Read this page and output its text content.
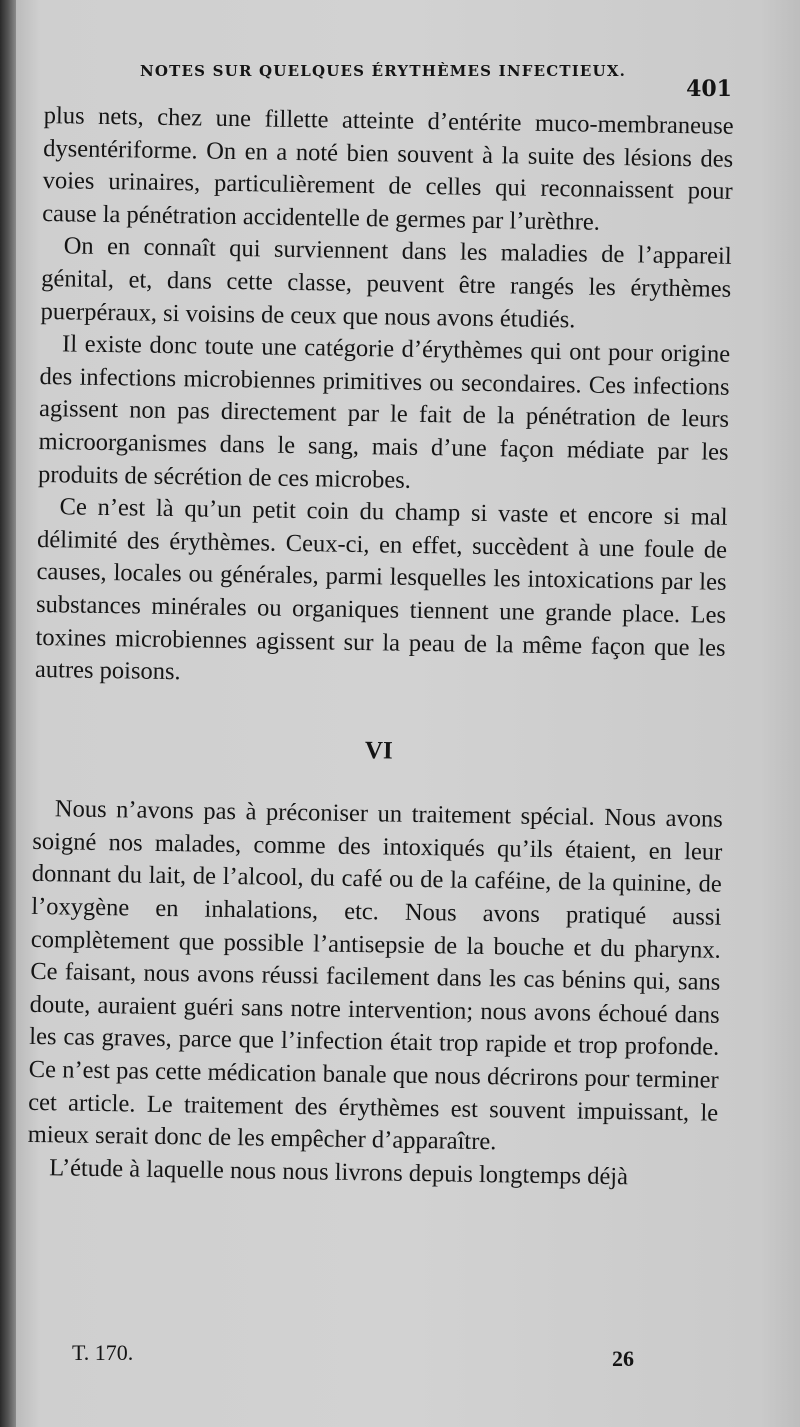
NOTES SUR QUELQUES ÉRYTHÈMES INFECTIEUX.
401

plus nets, chez une fillette atteinte d’entérite muco-membraneuse dysentériforme. On en a noté bien souvent à la suite des lésions des voies urinaires, particulièrement de celles qui reconnaissent pour cause la pénétration accidentelle de germes par l’urèthre.

On en connaît qui surviennent dans les maladies de l’appareil génital, et, dans cette classe, peuvent être rangés les érythèmes puerpéraux, si voisins de ceux que nous avons étudiés.

Il existe donc toute une catégorie d’érythèmes qui ont pour origine des infections microbiennes primitives ou secondaires. Ces infections agissent non pas directement par le fait de la pénétration de leurs microorganismes dans le sang, mais d’une façon médiate par les produits de sécrétion de ces microbes.

Ce n’est là qu’un petit coin du champ si vaste et encore si mal délimité des érythèmes. Ceux-ci, en effet, succèdent à une foule de causes, locales ou générales, parmi lesquelles les intoxications par les substances minérales ou organiques tiennent une grande place. Les toxines microbiennes agissent sur la peau de la même façon que les autres poisons.

VI

Nous n’avons pas à préconiser un traitement spécial. Nous avons soigné nos malades, comme des intoxiqués qu’ils étaient, en leur donnant du lait, de l’alcool, du café ou de la caféine, de la quinine, de l’oxygène en inhalations, etc. Nous avons pratiqué aussi complètement que possible l’antisepsie de la bouche et du pharynx. Ce faisant, nous avons réussi facilement dans les cas bénins qui, sans doute, auraient guéri sans notre intervention; nous avons échoué dans les cas graves, parce que l’infection était trop rapide et trop profonde. Ce n’est pas cette médication banale que nous décrirons pour terminer cet article. Le traitement des érythèmes est souvent impuissant, le mieux serait donc de les empêcher d’apparaître.

L’étude à laquelle nous nous livrons depuis longtemps déjà

T. 170.	26
